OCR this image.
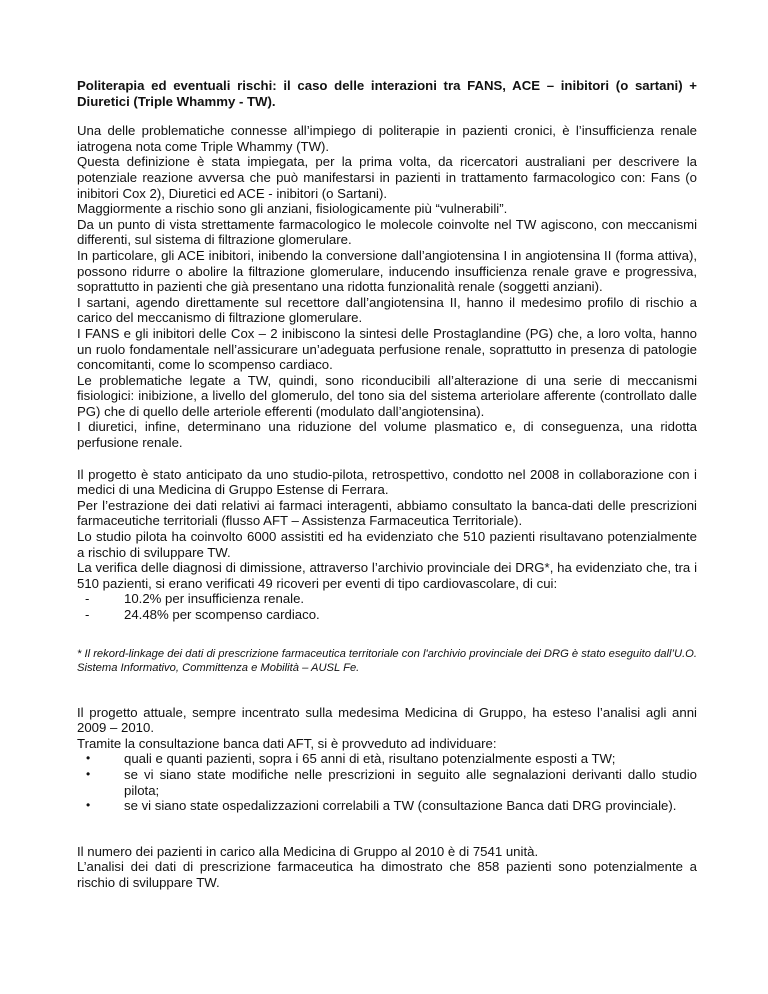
Politerapia ed eventuali rischi: il caso delle interazioni tra FANS, ACE – inibitori (o sartani) + Diuretici (Triple Whammy - TW).

Una delle problematiche connesse all’impiego di politerapie in pazienti cronici, è l’insufficienza renale iatrogena nota come Triple Whammy (TW).

Questa definizione è stata impiegata, per la prima volta, da ricercatori australiani per descrivere la potenziale reazione avversa che può manifestarsi in pazienti in trattamento farmacologico con: Fans (o inibitori Cox 2), Diuretici ed ACE - inibitori (o Sartani).

Maggiormente a rischio sono gli anziani, fisiologicamente più “vulnerabili”.

Da un punto di vista strettamente farmacologico le molecole coinvolte nel TW agiscono, con meccanismi differenti, sul sistema di filtrazione glomerulare.

In particolare, gli ACE inibitori, inibendo la conversione dall’angiotensina I in angiotensina II (forma attiva), possono ridurre o abolire la filtrazione glomerulare, inducendo insufficienza renale grave e progressiva, soprattutto in pazienti che già presentano una ridotta funzionalità renale (soggetti anziani).

I sartani, agendo direttamente sul recettore dall’angiotensina II, hanno il medesimo profilo di rischio a carico del meccanismo di filtrazione glomerulare.

I FANS e gli inibitori delle Cox – 2 inibiscono la sintesi delle Prostaglandine (PG) che, a loro volta, hanno un ruolo fondamentale nell’assicurare un’adeguata perfusione renale, soprattutto in presenza di patologie concomitanti, come lo scompenso cardiaco.

Le problematiche legate a TW, quindi, sono riconducibili all’alterazione di una serie di meccanismi fisiologici: inibizione, a livello del glomerulo, del tono sia del sistema arteriolare afferente (controllato dalle PG) che di quello delle arteriole efferenti (modulato dall’angiotensina).

I diuretici, infine, determinano una riduzione del volume plasmatico e, di conseguenza, una ridotta perfusione renale.

Il progetto è stato anticipato da uno studio-pilota, retrospettivo, condotto nel 2008 in collaborazione con i medici di una Medicina di Gruppo Estense di Ferrara.

Per l’estrazione dei dati relativi ai farmaci interagenti, abbiamo consultato la banca-dati delle prescrizioni farmaceutiche territoriali (flusso AFT – Assistenza Farmaceutica Territoriale).

Lo studio pilota ha coinvolto 6000 assistiti ed ha evidenziato che 510 pazienti risultavano potenzialmente a rischio di sviluppare TW.

La verifica delle diagnosi di dimissione, attraverso l’archivio provinciale dei DRG*, ha evidenziato che, tra i 510 pazienti, si erano verificati 49 ricoveri per eventi di tipo cardiovascolare, di cui:

-	10.2% per insufficienza renale.
-	24.48% per scompenso cardiaco.

* Il rekord-linkage dei dati di prescrizione farmaceutica territoriale con l'archivio provinciale dei DRG è stato eseguito dall’U.O. Sistema Informativo, Committenza e Mobilità – AUSL Fe.

Il progetto attuale, sempre incentrato sulla medesima Medicina di Gruppo, ha esteso l’analisi agli anni 2009 – 2010.

Tramite la consultazione banca dati AFT, si è provveduto ad individuare:

•	quali e quanti pazienti, sopra i 65 anni di età, risultano potenzialmente esposti a TW;
•	se vi siano state modifiche nelle prescrizioni in seguito alle segnalazioni derivanti dallo studio pilota;
•	se vi siano state ospedalizzazioni correlabili a TW (consultazione Banca dati DRG provinciale).

Il numero dei pazienti in carico alla Medicina di Gruppo al 2010 è di 7541 unità.

L’analisi dei dati di prescrizione farmaceutica ha dimostrato che 858 pazienti sono potenzialmente a rischio di sviluppare TW.
